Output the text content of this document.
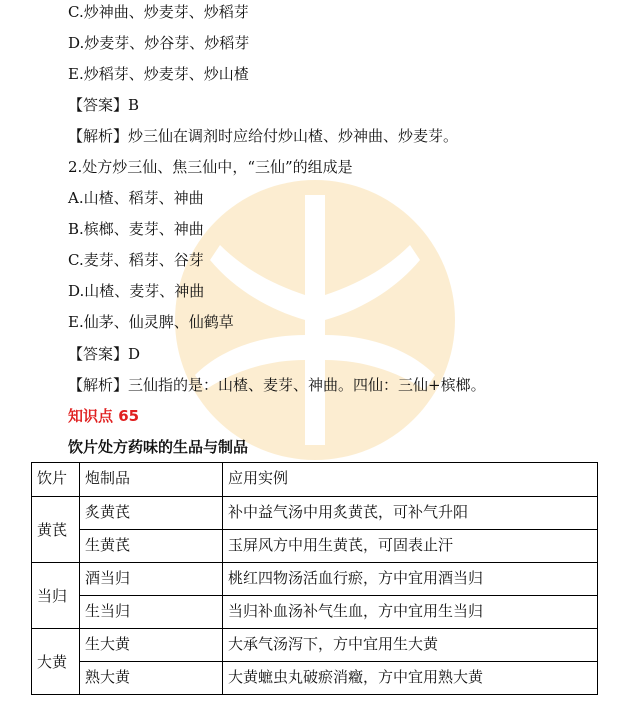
C.炒神曲、炒麦芽、炒稻芽
D.炒麦芽、炒谷芽、炒稻芽
E.炒稻芽、炒麦芽、炒山楂
【答案】B
【解析】炒三仙在调剂时应给付炒山楂、炒神曲、炒麦芽。
2.处方炒三仙、焦三仙中，“三仙”的组成是
A.山楂、稻芽、神曲
B.槟榔、麦芽、神曲
C.麦芽、稻芽、谷芽
D.山楂、麦芽、神曲
E.仙茅、仙灵脾、仙鹤草
【答案】D
【解析】三仙指的是：山楂、麦芽、神曲。四仙：三仙+槟榔。
知识点 65
饮片处方药味的生品与制品
饮片	炮制品	应用实例
黄芪	炙黄芪	补中益气汤中用炙黄芪，可补气升阳
	生黄芪	玉屏风方中用生黄芪，可固表止汗
当归	酒当归	桃红四物汤活血行瘀，方中宜用酒当归
	生当归	当归补血汤补气生血，方中宜用生当归
大黄	生大黄	大承气汤泻下，方中宜用生大黄
	熟大黄	大黄蟅虫丸破瘀消癥，方中宜用熟大黄
